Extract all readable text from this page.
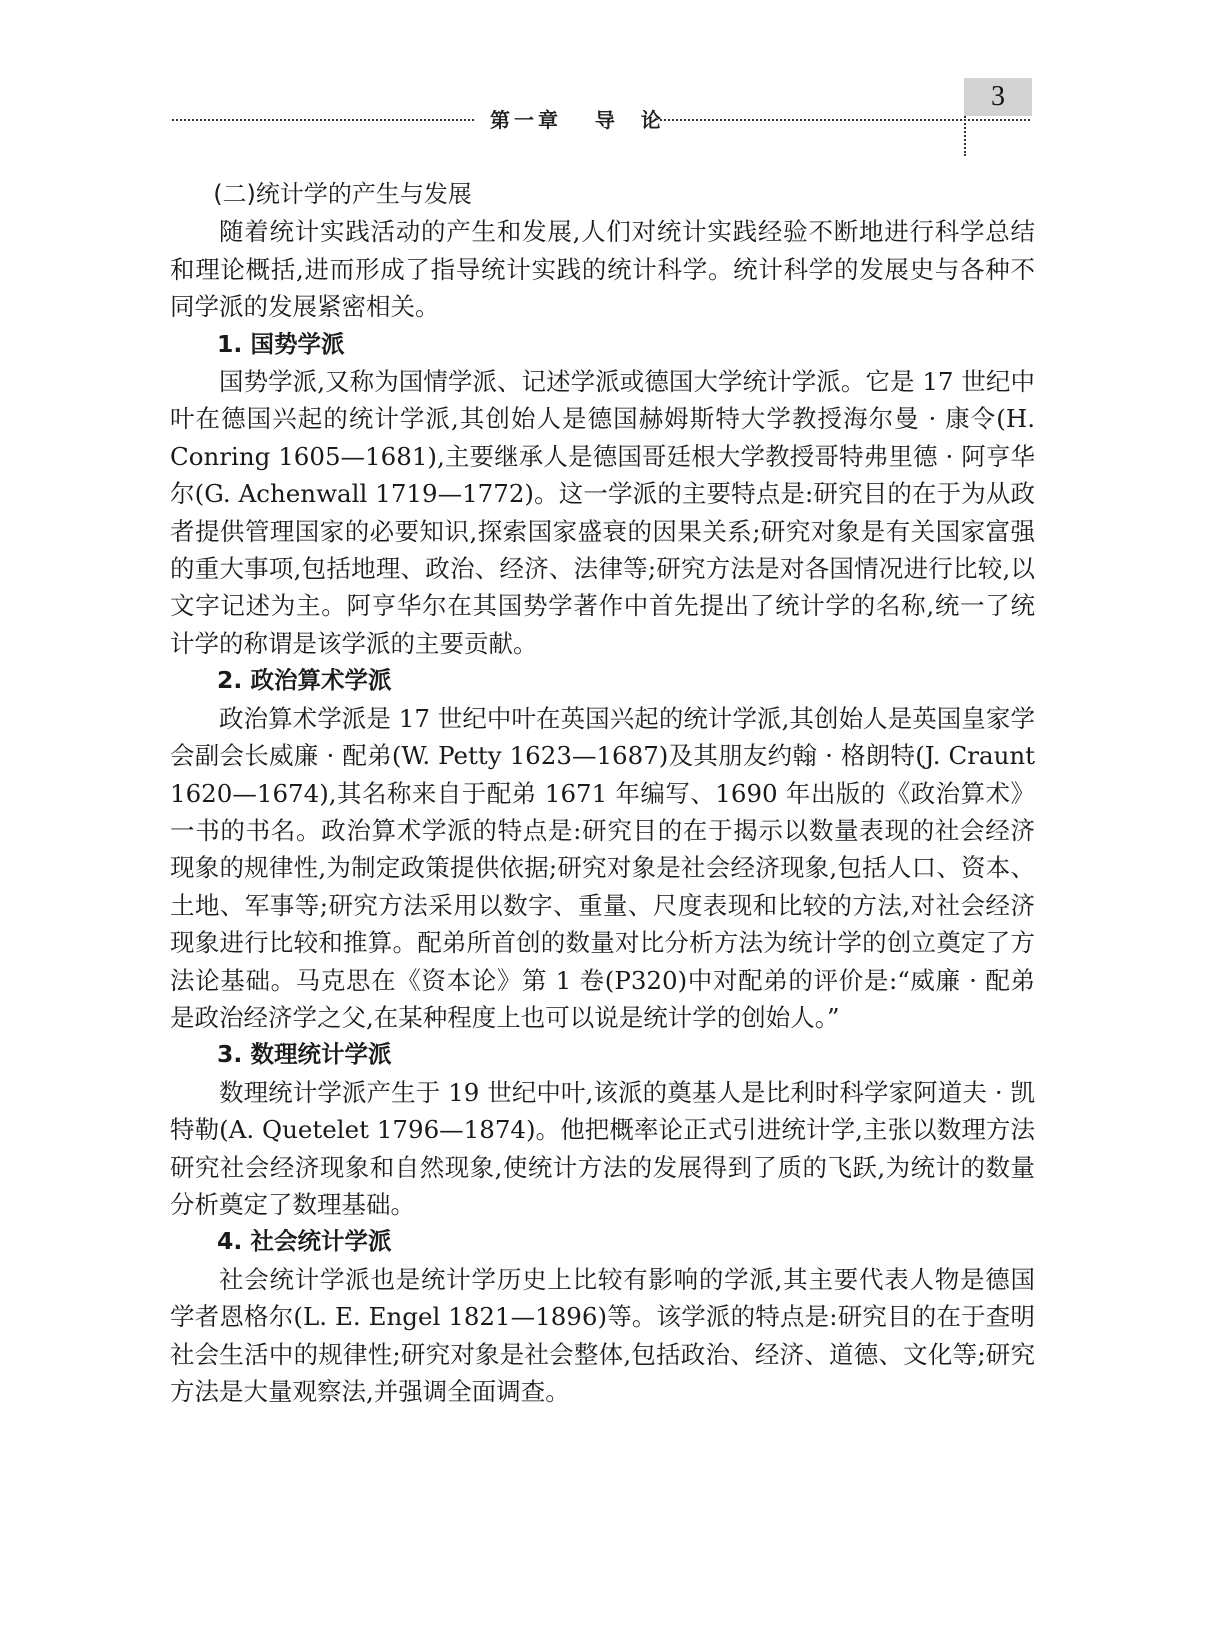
第一章   导  论
3

(二)统计学的产生与发展

随着统计实践活动的产生和发展,人们对统计实践经验不断地进行科学总结和理论概括,进而形成了指导统计实践的统计科学。统计科学的发展史与各种不同学派的发展紧密相关。

1. 国势学派

国势学派,又称为国情学派、记述学派或德国大学统计学派。它是 17 世纪中叶在德国兴起的统计学派,其创始人是德国赫姆斯特大学教授海尔曼 · 康令(H. Conring 1605—1681),主要继承人是德国哥廷根大学教授哥特弗里德 · 阿亨华尔(G. Achenwall 1719—1772)。这一学派的主要特点是:研究目的在于为从政者提供管理国家的必要知识,探索国家盛衰的因果关系;研究对象是有关国家富强的重大事项,包括地理、政治、经济、法律等;研究方法是对各国情况进行比较,以文字记述为主。阿亨华尔在其国势学著作中首先提出了统计学的名称,统一了统计学的称谓是该学派的主要贡献。

2. 政治算术学派

政治算术学派是 17 世纪中叶在英国兴起的统计学派,其创始人是英国皇家学会副会长威廉 · 配弟(W. Petty 1623—1687)及其朋友约翰 · 格朗特(J. Craunt 1620—1674),其名称来自于配弟 1671 年编写、1690 年出版的《政治算术》一书的书名。政治算术学派的特点是:研究目的在于揭示以数量表现的社会经济现象的规律性,为制定政策提供依据;研究对象是社会经济现象,包括人口、资本、土地、军事等;研究方法采用以数字、重量、尺度表现和比较的方法,对社会经济现象进行比较和推算。配弟所首创的数量对比分析方法为统计学的创立奠定了方法论基础。马克思在《资本论》第 1 卷(P320)中对配弟的评价是:“威廉 · 配弟是政治经济学之父,在某种程度上也可以说是统计学的创始人。”

3. 数理统计学派

数理统计学派产生于 19 世纪中叶,该派的奠基人是比利时科学家阿道夫 · 凯特勒(A. Quetelet 1796—1874)。他把概率论正式引进统计学,主张以数理方法研究社会经济现象和自然现象,使统计方法的发展得到了质的飞跃,为统计的数量分析奠定了数理基础。

4. 社会统计学派

社会统计学派也是统计学历史上比较有影响的学派,其主要代表人物是德国学者恩格尔(L. E. Engel 1821—1896)等。该学派的特点是:研究目的在于查明社会生活中的规律性;研究对象是社会整体,包括政治、经济、道德、文化等;研究方法是大量观察法,并强调全面调查。
